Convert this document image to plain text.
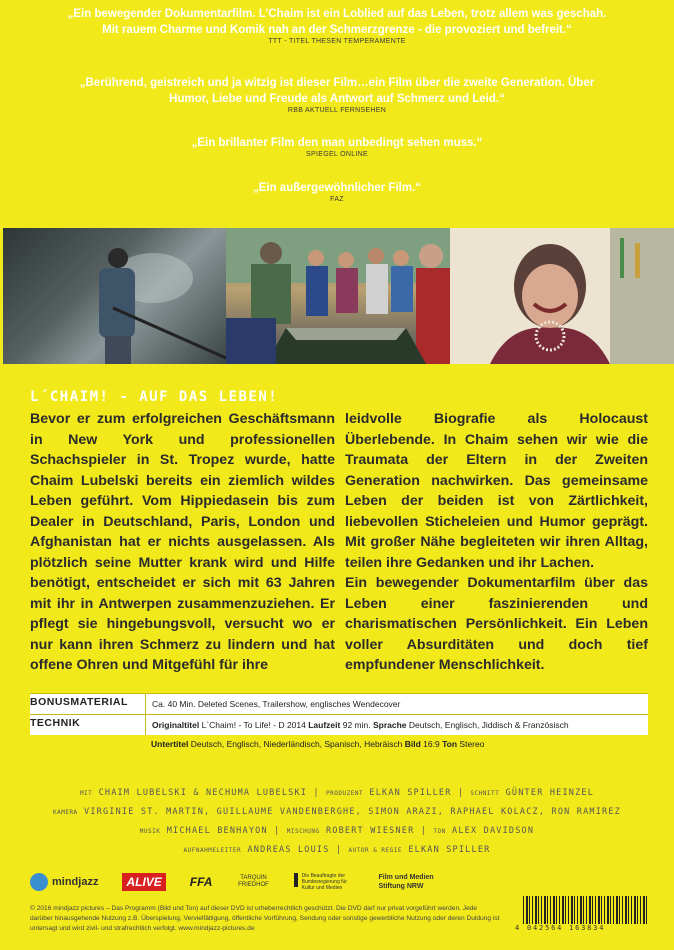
„Ein bewegender Dokumentarfilm. L’Chaim ist ein Loblied auf das Leben, trotz allem was geschah.
Mit rauem Charme und Komik nah an der Schmerzgrenze - die provoziert und befreit.“
TTT - TITEL THESEN TEMPERAMENTE
„Berührend, geistreich und ja witzig ist dieser Film…ein Film über die zweite Generation. Über
Humor, Liebe und Freude als Antwort auf Schmerz und Leid.“
RBB AKTUELL FERNSEHEN
„Ein brillanter Film den man unbedingt sehen muss.“
SPIEGEL ONLINE
„Ein außergewöhnlicher Film.“
FAZ
L´CHAIM! - AUF DAS LEBEN!

Bevor er zum erfolgreichen Geschäftsmann in New York und professionellen Schachspieler in St. Tropez wurde, hatte Chaim Lubelski bereits ein ziemlich wildes Leben geführt. Vom Hippiedasein bis zum Dealer in Deutschland, Paris, London und Afghanistan hat er nichts ausgelassen. Als plötzlich seine Mutter krank wird und Hilfe benötigt, entscheidet er sich mit 63 Jahren mit ihr in Antwerpen zusammenzuziehen. Er pflegt sie hingebungsvoll, versucht wo er nur kann ihren Schmerz zu lindern und hat offene Ohren und Mitgefühl für ihre

leidvolle Biografie als Holocaust Überlebende. In Chaim sehen wir wie die Traumata der Eltern in der Zweiten Generation nachwirken. Das gemeinsame Leben der beiden ist von Zärtlichkeit, liebevollen Sticheleien und Humor geprägt. Mit großer Nähe begleiteten wir ihren Alltag, teilen ihre Gedanken und ihr Lachen.

Ein bewegender Dokumentarfilm über das Leben einer faszinierenden und charismatischen Persönlichkeit. Ein Leben voller Absurditäten und doch tief empfundener Menschlichkeit.

BONUSMATERIAL	Ca. 40 Min. Deleted Scenes, Trailershow, englisches Wendecover
TECHNIK	Originaltitel L`Chaim! - To Life! - D 2014 Laufzeit 92 min. Sprache Deutsch, Englisch, Jiddisch & Französisch
Untertitel Deutsch, Englisch, Niederländisch, Spanisch, Hebräisch Bild 16:9 Ton Stereo
MIT CHAIM LUBELSKI & NECHUMA LUBELSKI | PRODUZENT ELKAN SPILLER | SCHNITT GÜNTER HEINZEL
KAMERA VIRGINIE ST. MARTIN, GUILLAUME VANDENBERGHE, SIMON ARAZI, RAPHAEL KOLACZ, RON RAMIREZ
MUSIK MICHAEL BENHAYON | MISCHUNG ROBERT WIESNER | TON ALEX DAVIDSON
AUFNAHMELEITER ANDREAS LOUIS | AUTOR & REGIE ELKAN SPILLER
mindjazz	ALIVE	FFA	TARQUIN FRIEDHOF
Die Beauftragte der Bundesregierung für Kultur und Medien
Film und Medien
Stiftung NRW
© 2016 mindjazz pictures – Das Programm (Bild und Ton) auf dieser DVD ist urheberrechtlich geschützt. Die DVD darf nur privat vorgeführt werden. Jede darüber hinausgehende Nutzung z.B. Überspielung, Vervielfältigung, öffentliche Vorführung, Sendung oder sonstige gewerbliche Nutzung oder deren Duldung ist untersagt und wird zivil- und strafrechtlich verfolgt. www.mindjazz-pictures.de	4 042564 163834
